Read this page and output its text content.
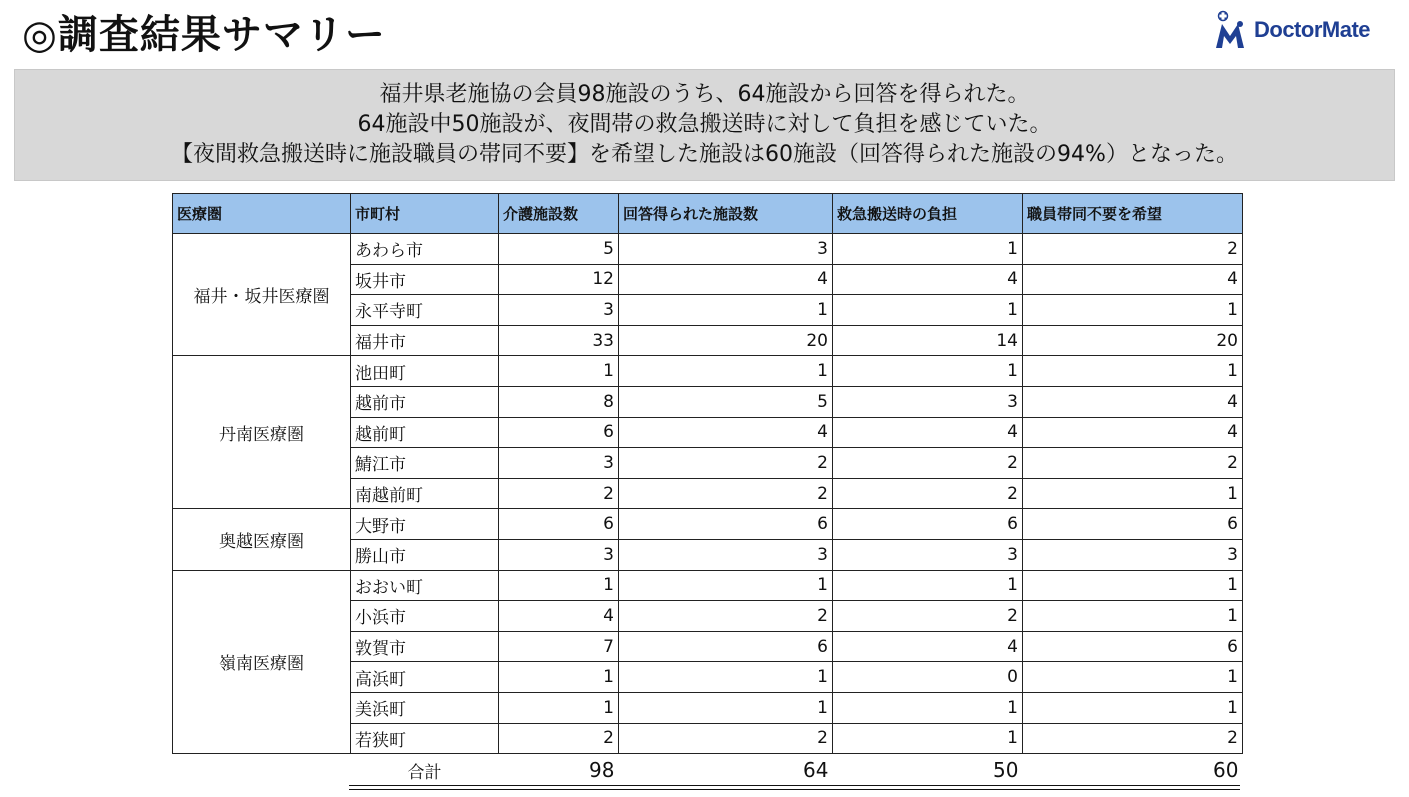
◎調査結果サマリー	DoctorMate
福井県老施協の会員98施設のうち、64施設から回答を得られた。
64施設中50施設が、夜間帯の救急搬送時に対して負担を感じていた。
【夜間救急搬送時に施設職員の帯同不要】を希望した施設は60施設（回答得られた施設の94%）となった。
医療圏	市町村	介護施設数	回答得られた施設数	救急搬送時の負担	職員帯同不要を希望
福井・坂井医療圏	あわら市	5	3	1	2
	坂井市	12	4	4	4
	永平寺町	3	1	1	1
	福井市	33	20	14	20
丹南医療圏	池田町	1	1	1	1
	越前市	8	5	3	4
	越前町	6	4	4	4
	鯖江市	3	2	2	2
	南越前町	2	2	2	1
奥越医療圏	大野市	6	6	6	6
	勝山市	3	3	3	3
嶺南医療圏	おおい町	1	1	1	1
	小浜市	4	2	2	1
	敦賀市	7	6	4	6
	高浜町	1	1	0	1
	美浜町	1	1	1	1
	若狭町	2	2	1	2
	合計	98	64	50	60
